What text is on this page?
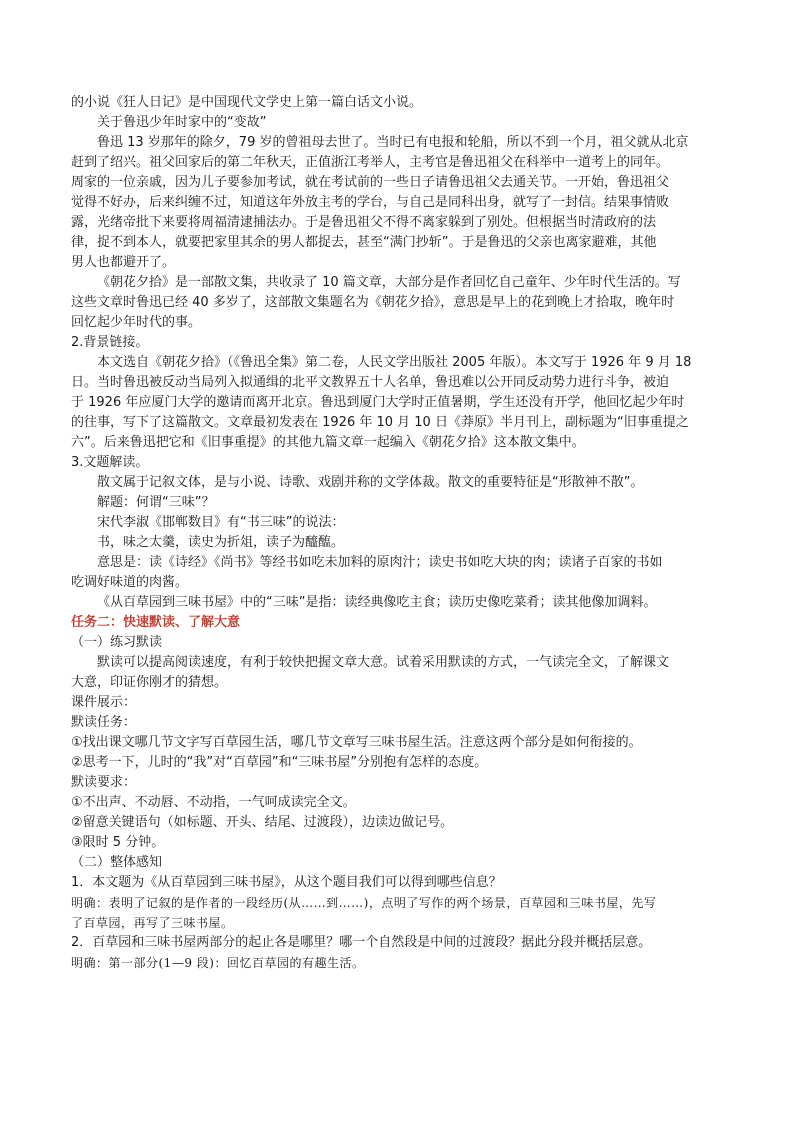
的小说《狂人日记》是中国现代文学史上第一篇白话文小说。

关于鲁迅少年时家中的“变故”

鲁迅 13 岁那年的除夕，79 岁的曾祖母去世了。当时已有电报和轮船，所以不到一个月，祖父就从北京

赶到了绍兴。祖父回家后的第二年秋天，正值浙江考举人，主考官是鲁迅祖父在科举中一道考上的同年。

周家的一位亲戚，因为儿子要参加考试，就在考试前的一些日子请鲁迅祖父去通关节。一开始，鲁迅祖父

觉得不好办，后来纠缠不过，知道这年外放主考的学台，与自己是同科出身，就写了一封信。结果事情败

露，光绪帝批下来要将周福清逮捕法办。于是鲁迅祖父不得不离家躲到了别处。但根据当时清政府的法

律，捉不到本人，就要把家里其余的男人都捉去，甚至“满门抄斩”。于是鲁迅的父亲也离家避难，其他

男人也都避开了。

《朝花夕拾》是一部散文集，共收录了 10 篇文章，大部分是作者回忆自己童年、少年时代生活的。写

这些文章时鲁迅已经 40 多岁了，这部散文集题名为《朝花夕拾》，意思是早上的花到晚上才拾取，晚年时

回忆起少年时代的事。

2.背景链接。

本文选自《朝花夕拾》（《鲁迅全集》第二卷，人民文学出版社 2005 年版）。本文写于 1926 年 9 月 18

日。当时鲁迅被反动当局列入拟通缉的北平文教界五十人名单，鲁迅难以公开同反动势力进行斗争，被迫

于 1926 年应厦门大学的邀请而离开北京。鲁迅到厦门大学时正值暑期，学生还没有开学，他回忆起少年时

的往事，写下了这篇散文。文章最初发表在 1926 年 10 月 10 日《莽原》半月刊上，副标题为“旧事重提之

六”。后来鲁迅把它和《旧事重提》的其他九篇文章一起编入《朝花夕拾》这本散文集中。

3.文题解读。

散文属于记叙文体，是与小说、诗歌、戏剧并称的文学体裁。散文的重要特征是“形散神不散”。

解题：何谓“三味”？

宋代李淑《邯郸数目》有“书三味”的说法：

书，味之太羹，读史为折俎，读子为醯醢。

意思是：读《诗经》《尚书》等经书如吃未加料的原肉汁；读史书如吃大块的肉；读诸子百家的书如

吃调好味道的肉酱。

《从百草园到三味书屋》中的“三味”是指：读经典像吃主食；读历史像吃菜肴；读其他像加调料。

任务二：快速默读、了解大意

（一）练习默读

默读可以提高阅读速度，有利于较快把握文章大意。试着采用默读的方式，一气读完全文，了解课文

大意，印证你刚才的猜想。

课件展示：

默读任务：

①找出课文哪几节文字写百草园生活，哪几节文章写三味书屋生活。注意这两个部分是如何衔接的。

②思考一下，儿时的“我”对“百草园”和“三味书屋”分别抱有怎样的态度。

默读要求：

①不出声、不动唇、不动指，一气呵成读完全文。

②留意关键语句（如标题、开头、结尾、过渡段），边读边做记号。

③限时 5 分钟。

（二）整体感知

1．本文题为《从百草园到三味书屋》，从这个题目我们可以得到哪些信息？

明确：表明了记叙的是作者的一段经历(从……到……)，点明了写作的两个场景，百草园和三味书屋，先写

了百草园，再写了三味书屋。

2．百草园和三味书屋两部分的起止各是哪里？哪一个自然段是中间的过渡段？据此分段并概括层意。

明确：第一部分(1—9 段)：回忆百草园的有趣生活。
